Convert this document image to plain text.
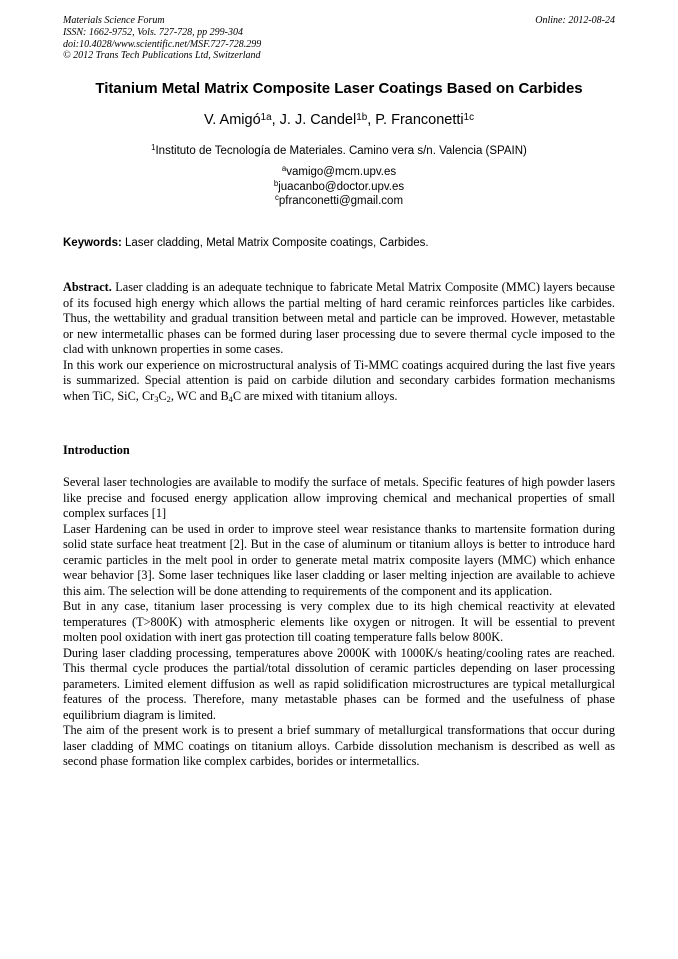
Materials Science Forum
ISSN: 1662-9752, Vols. 727-728, pp 299-304
doi:10.4028/www.scientific.net/MSF.727-728.299
© 2012 Trans Tech Publications Ltd, Switzerland
Online: 2012-08-24
Titanium Metal Matrix Composite Laser Coatings Based on Carbides
V. Amigó$^{1a}$, J. J. Candel$^{1b}$, P. Franconetti$^{1c}$
$^1$Instituto de Tecnología de Materiales. Camino vera s/n. Valencia (SPAIN)
$^a$vamigo@mcm.upv.es
$^b$juacanbo@doctor.upv.es
$^c$pfranconetti@gmail.com
Keywords: Laser cladding, Metal Matrix Composite coatings, Carbides.

Abstract. Laser cladding is an adequate technique to fabricate Metal Matrix Composite (MMC) layers because of its focused high energy which allows the partial melting of hard ceramic reinforces particles like carbides. Thus, the wettability and gradual transition between metal and particle can be improved. However, metastable or new intermetallic phases can be formed during laser processing due to severe thermal cycle imposed to the clad with unknown properties in some cases.

In this work our experience on microstructural analysis of Ti-MMC coatings acquired during the last five years is summarized. Special attention is paid on carbide dilution and secondary carbides formation mechanisms when TiC, SiC, $Cr_3C_2$, WC and $B_4C$ are mixed with titanium alloys.

Introduction

Several laser technologies are available to modify the surface of metals. Specific features of high powder lasers like precise and focused energy application allow improving chemical and mechanical properties of small complex surfaces [1]

Laser Hardening can be used in order to improve steel wear resistance thanks to martensite formation during solid state surface heat treatment [2]. But in the case of aluminum or titanium alloys is better to introduce hard ceramic particles in the melt pool in order to generate metal matrix composite layers (MMC) which enhance wear behavior [3]. Some laser techniques like laser cladding or laser melting injection are available to achieve this aim. The selection will be done attending to requirements of the component and its application.

But in any case, titanium laser processing is very complex due to its high chemical reactivity at elevated temperatures (T>800K) with atmospheric elements like oxygen or nitrogen. It will be essential to prevent molten pool oxidation with inert gas protection till coating temperature falls below 800K.

During laser cladding processing, temperatures above 2000K with 1000K/s heating/cooling rates are reached. This thermal cycle produces the partial/total dissolution of ceramic particles depending on laser processing parameters. Limited element diffusion as well as rapid solidification microstructures are typical metallurgical features of the process. Therefore, many metastable phases can be formed and the usefulness of phase equilibrium diagram is limited.

The aim of the present work is to present a brief summary of metallurgical transformations that occur during laser cladding of MMC coatings on titanium alloys. Carbide dissolution mechanism is described as well as second phase formation like complex carbides, borides or intermetallics.
